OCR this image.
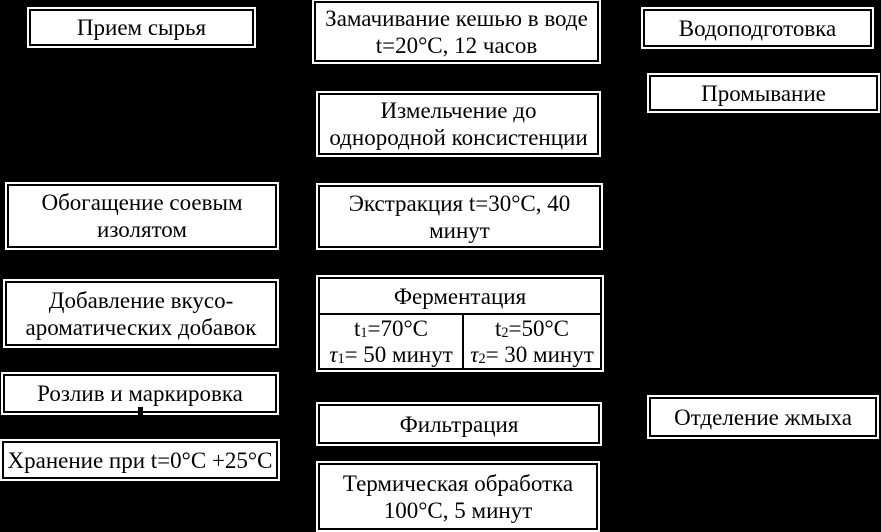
Прием сырья
Обогащение соевым
изолятом
Добавление вкусо-
ароматических добавок
Розлив и маркировка
Хранение при t=0°C +25°C
Замачивание кешью в воде
t=20°C, 12 часов
Измельчение до
однородной консистенции
Экстракция t=30°C, 40
минут
Ферментация
$t_1=70^\circ C$
$\tau_1= 50$ минут
$t_2=50^\circ C$
$\tau_2= 30$ минут
Фильтрация
Термическая обработка
100°C, 5 минут
Водоподготовка
Промывание
Отделение жмыха
